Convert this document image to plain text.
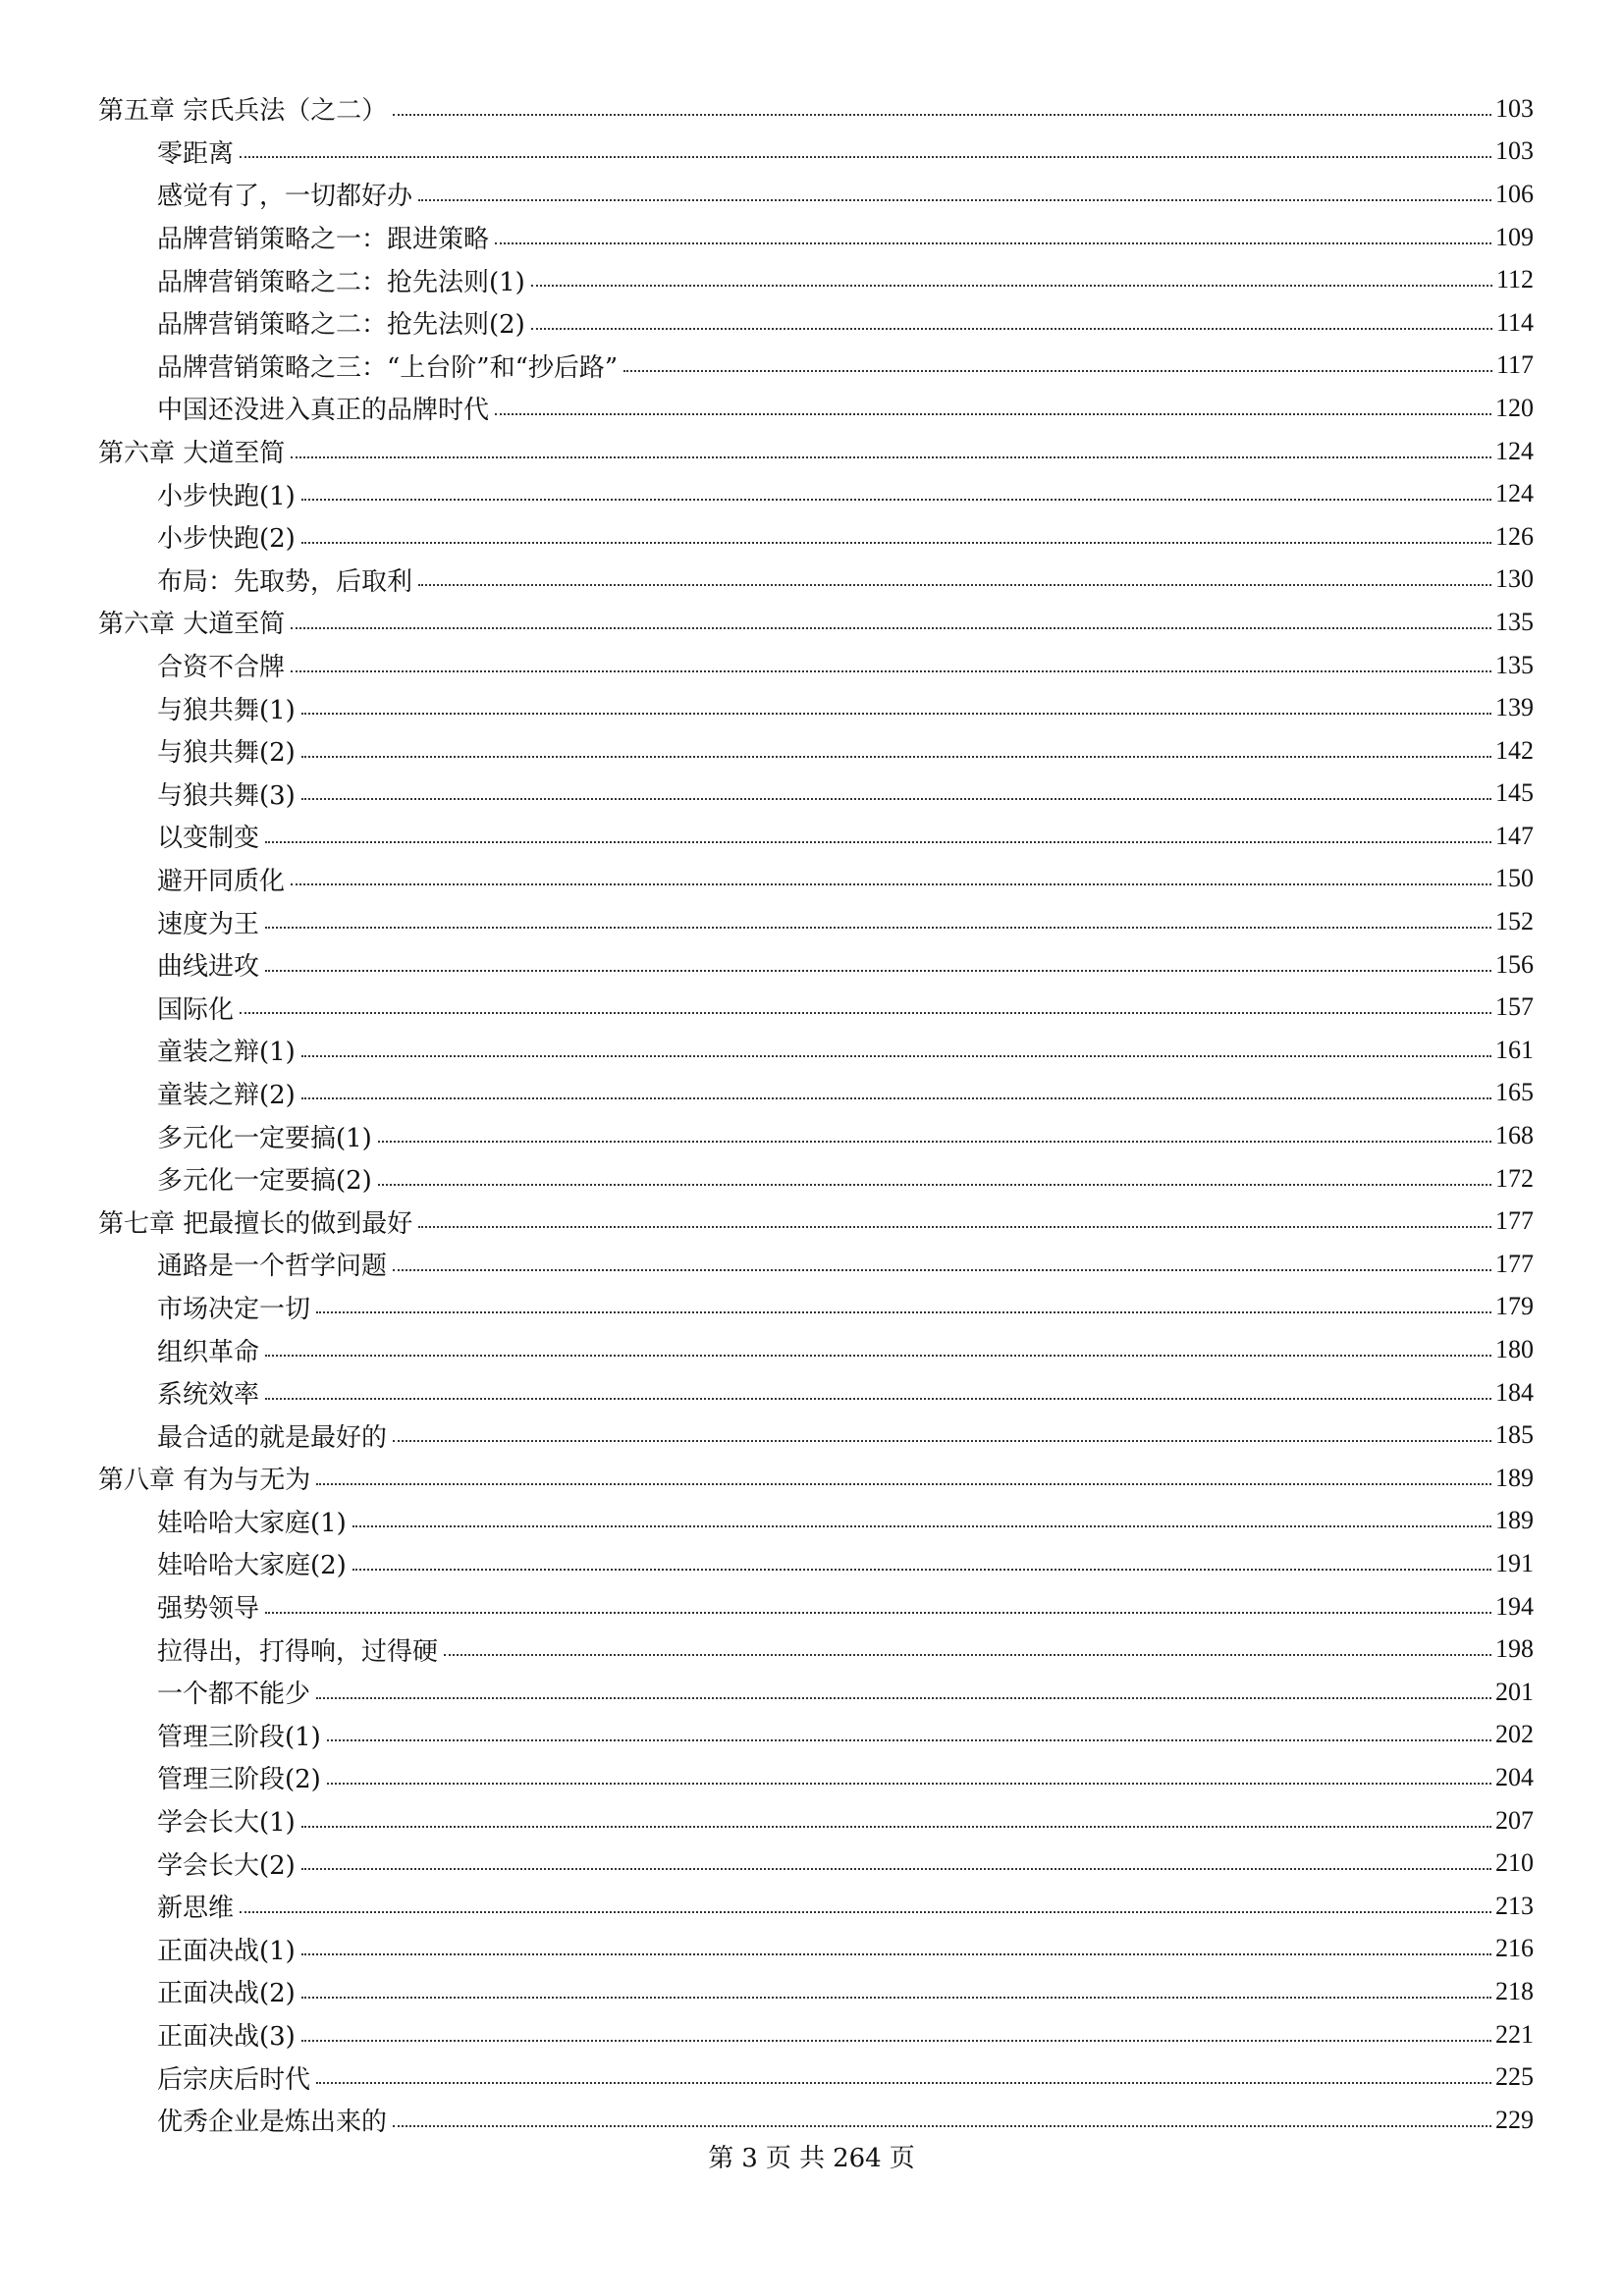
第五章 宗氏兵法（之二）	103
零距离	103
感觉有了，一切都好办	106
品牌营销策略之一：跟进策略	109
品牌营销策略之二：抢先法则(1)	112
品牌营销策略之二：抢先法则(2)	114
品牌营销策略之三：“上台阶”和“抄后路”	117
中国还没进入真正的品牌时代	120
第六章 大道至简	124
小步快跑(1)	124
小步快跑(2)	126
布局：先取势，后取利	130
第六章 大道至简	135
合资不合牌	135
与狼共舞(1)	139
与狼共舞(2)	142
与狼共舞(3)	145
以变制变	147
避开同质化	150
速度为王	152
曲线进攻	156
国际化	157
童装之辩(1)	161
童装之辩(2)	165
多元化一定要搞(1)	168
多元化一定要搞(2)	172
第七章 把最擅长的做到最好	177
通路是一个哲学问题	177
市场决定一切	179
组织革命	180
系统效率	184
最合适的就是最好的	185
第八章 有为与无为	189
娃哈哈大家庭(1)	189
娃哈哈大家庭(2)	191
强势领导	194
拉得出，打得响，过得硬	198
一个都不能少	201
管理三阶段(1)	202
管理三阶段(2)	204
学会长大(1)	207
学会长大(2)	210
新思维	213
正面决战(1)	216
正面决战(2)	218
正面决战(3)	221
后宗庆后时代	225
优秀企业是炼出来的	229
第 3 页 共 264 页
